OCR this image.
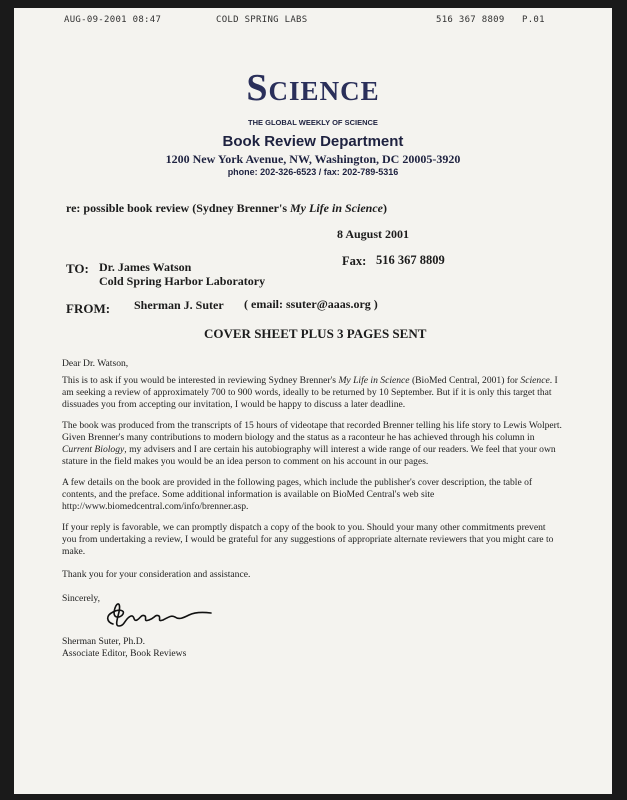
AUG-09-2001 08:47	COLD SPRING LABS	516 367 8809 P.01
Science
THE GLOBAL WEEKLY OF SCIENCE
Book Review Department
1200 New York Avenue, NW, Washington, DC 20005-3920
phone: 202-326-6523 / fax: 202-789-5316
re: possible book review (Sydney Brenner's My Life in Science)
8 August 2001
TO: Dr. James Watson
Cold Spring Harbor Laboratory
Fax: 516 367 8809
FROM: Sherman J. Suter ( email: ssuter@aaas.org )
COVER SHEET PLUS 3 PAGES SENT
Dear Dr. Watson,
This is to ask if you would be interested in reviewing Sydney Brenner's My Life in Science (BioMed Central, 2001) for Science. I am seeking a review of approximately 700 to 900 words, ideally to be returned by 10 September. But if it is only this target that dissuades you from accepting our invitation, I would be happy to discuss a later deadline.
The book was produced from the transcripts of 15 hours of videotape that recorded Brenner telling his life story to Lewis Wolpert. Given Brenner's many contributions to modern biology and the status as a raconteur he has achieved through his column in Current Biology, my advisers and I are certain his autobiography will interest a wide range of our readers. We feel that your own stature in the field makes you would be an idea person to comment on his account in our pages.
A few details on the book are provided in the following pages, which include the publisher's cover description, the table of contents, and the preface. Some additional information is available on BioMed Central's web site http://www.biomedcentral.com/info/brenner.asp.
If your reply is favorable, we can promptly dispatch a copy of the book to you. Should your many other commitments prevent you from undertaking a review, I would be grateful for any suggestions of appropriate alternate reviewers that you might care to make.
Thank you for your consideration and assistance.
Sincerely,
Sherman Suter, Ph.D.
Associate Editor, Book Reviews
